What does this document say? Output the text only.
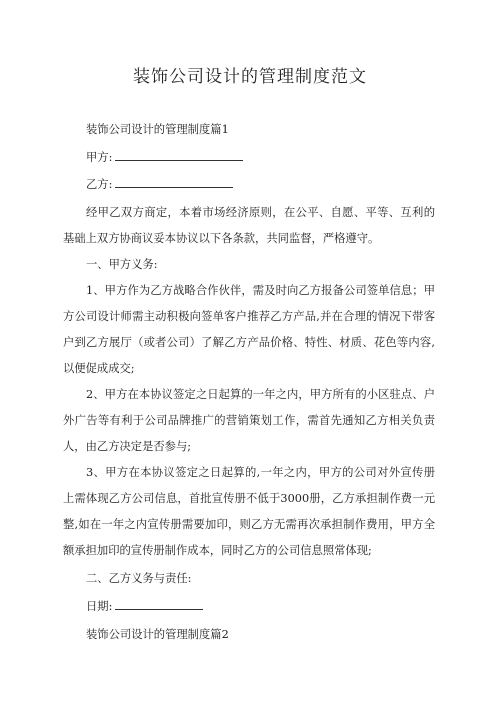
装饰公司设计的管理制度范文
装饰公司设计的管理制度篇1
甲方:
乙方:
经甲乙双方商定，本着市场经济原则，在公平、自愿、平等、互利的
基础上双方协商议妥本协议以下各条款，共同监督，严格遵守。
一、甲方义务:
1、甲方作为乙方战略合作伙伴，需及时向乙方报备公司签单信息；甲
方公司设计师需主动积极向签单客户推荐乙方产品,并在合理的情况下带客
户到乙方展厅（或者公司）了解乙方产品价格、特性、材质、花色等内容,
以便促成成交;
2、甲方在本协议签定之日起算的一年之内，甲方所有的小区驻点、户
外广告等有利于公司品牌推广的营销策划工作，需首先通知乙方相关负责
人，由乙方决定是否参与;
3、甲方在本协议签定之日起算的,一年之内，甲方的公司对外宣传册
上需体现乙方公司信息，首批宣传册不低于3000册，乙方承担制作费一元
整,如在一年之内宣传册需要加印，则乙方无需再次承担制作费用，甲方全
额承担加印的宣传册制作成本，同时乙方的公司信息照常体现;
二、乙方义务与责任:
日期:
装饰公司设计的管理制度篇2
